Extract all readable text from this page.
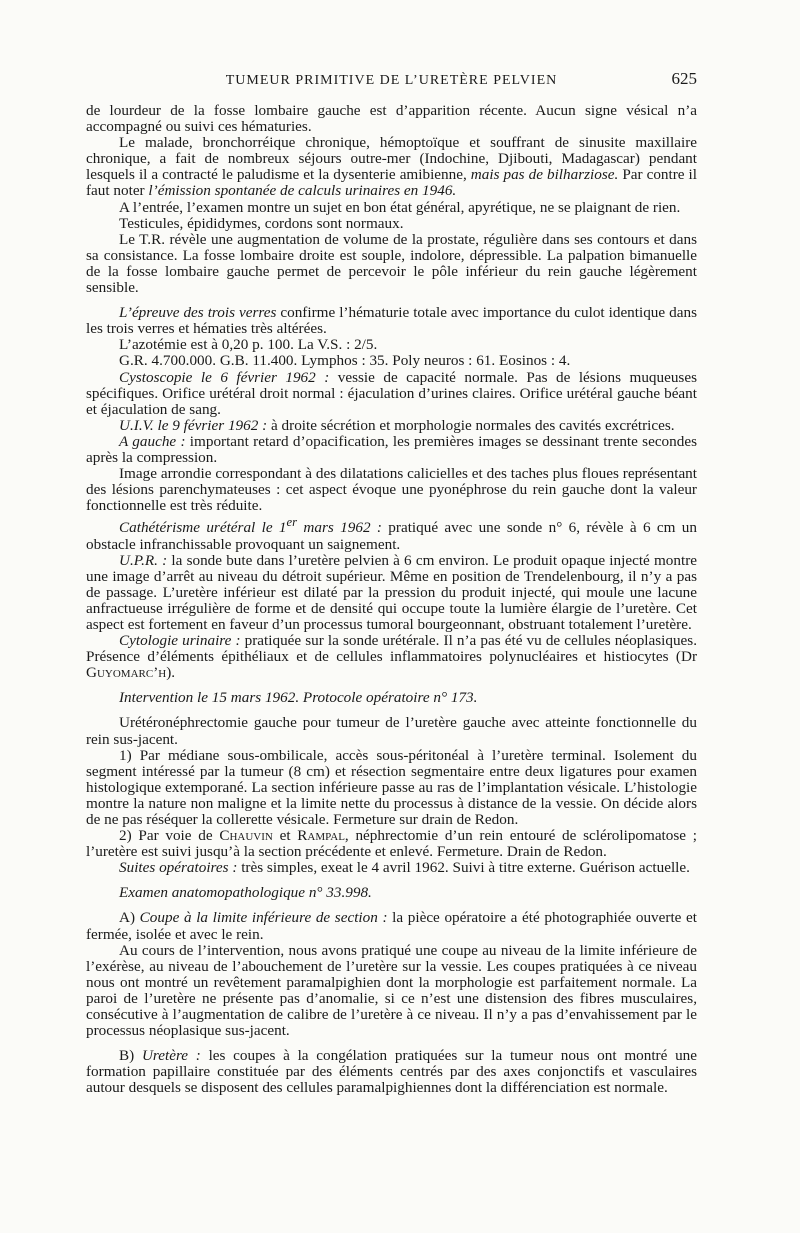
TUMEUR PRIMITIVE DE L’URETÈRE PELVIEN	625

de lourdeur de la fosse lombaire gauche est d’apparition récente. Aucun signe vésical n’a accompagné ou suivi ces hématuries.

Le malade, bronchorréique chronique, hémoptoïque et souffrant de sinusite maxillaire chronique, a fait de nombreux séjours outre-mer (Indochine, Djibouti, Madagascar) pendant lesquels il a contracté le paludisme et la dysenterie amibienne, mais pas de bilharziose. Par contre il faut noter l’émission spontanée de calculs urinaires en 1946.

A l’entrée, l’examen montre un sujet en bon état général, apyrétique, ne se plaignant de rien.

Testicules, épididymes, cordons sont normaux.

Le T.R. révèle une augmentation de volume de la prostate, régulière dans ses contours et dans sa consistance. La fosse lombaire droite est souple, indolore, dépressible. La palpation bimanuelle de la fosse lombaire gauche permet de percevoir le pôle inférieur du rein gauche légèrement sensible.

L’épreuve des trois verres confirme l’hématurie totale avec importance du culot identique dans les trois verres et hématies très altérées.

L’azotémie est à 0,20 p. 100. La V.S. : 2/5.

G.R. 4.700.000. G.B. 11.400. Lymphos : 35. Poly neuros : 61. Eosinos : 4.

Cystoscopie le 6 février 1962 : vessie de capacité normale. Pas de lésions muqueuses spécifiques. Orifice urétéral droit normal : éjaculation d’urines claires. Orifice urétéral gauche béant et éjaculation de sang.

U.I.V. le 9 février 1962 : à droite sécrétion et morphologie normales des cavités excrétrices.

A gauche : important retard d’opacification, les premières images se dessinant trente secondes après la compression.

Image arrondie correspondant à des dilatations calicielles et des taches plus floues représentant des lésions parenchymateuses : cet aspect évoque une pyonéphrose du rein gauche dont la valeur fonctionnelle est très réduite.

Cathétérisme urétéral le 1er mars 1962 : pratiqué avec une sonde n° 6, révèle à 6 cm un obstacle infranchissable provoquant un saignement.

U.P.R. : la sonde bute dans l’uretère pelvien à 6 cm environ. Le produit opaque injecté montre une image d’arrêt au niveau du détroit supérieur. Même en position de Trendelenbourg, il n’y a pas de passage. L’uretère inférieur est dilaté par la pression du produit injecté, qui moule une lacune anfractueuse irrégulière de forme et de densité qui occupe toute la lumière élargie de l’uretère. Cet aspect est fortement en faveur d’un processus tumoral bourgeonnant, obstruant totalement l’uretère.

Cytologie urinaire : pratiquée sur la sonde urétérale. Il n’a pas été vu de cellules néoplasiques. Présence d’éléments épithéliaux et de cellules inflammatoires polynucléaires et histiocytes (Dr Guyomarc’h).

Intervention le 15 mars 1962. Protocole opératoire n° 173.

Urétéronéphrectomie gauche pour tumeur de l’uretère gauche avec atteinte fonctionnelle du rein sus-jacent.

1) Par médiane sous-ombilicale, accès sous-péritonéal à l’uretère terminal. Isolement du segment intéressé par la tumeur (8 cm) et résection segmentaire entre deux ligatures pour examen histologique extemporané. La section inférieure passe au ras de l’implantation vésicale. L’histologie montre la nature non maligne et la limite nette du processus à distance de la vessie. On décide alors de ne pas réséquer la collerette vésicale. Fermeture sur drain de Redon.

2) Par voie de Chauvin et Rampal, néphrectomie d’un rein entouré de sclérolipomatose ; l’uretère est suivi jusqu’à la section précédente et enlevé. Fermeture. Drain de Redon.

Suites opératoires : très simples, exeat le 4 avril 1962. Suivi à titre externe. Guérison actuelle.

Examen anatomopathologique n° 33.998.

A) Coupe à la limite inférieure de section : la pièce opératoire a été photographiée ouverte et fermée, isolée et avec le rein.

Au cours de l’intervention, nous avons pratiqué une coupe au niveau de la limite inférieure de l’exérèse, au niveau de l’abouchement de l’uretère sur la vessie. Les coupes pratiquées à ce niveau nous ont montré un revêtement paramalpighien dont la morphologie est parfaitement normale. La paroi de l’uretère ne présente pas d’anomalie, si ce n’est une distension des fibres musculaires, consécutive à l’augmentation de calibre de l’uretère à ce niveau. Il n’y a pas d’envahissement par le processus néoplasique sus-jacent.

B) Uretère : les coupes à la congélation pratiquées sur la tumeur nous ont montré une formation papillaire constituée par des éléments centrés par des axes conjonctifs et vasculaires autour desquels se disposent des cellules paramalpighiennes dont la différenciation est normale.
